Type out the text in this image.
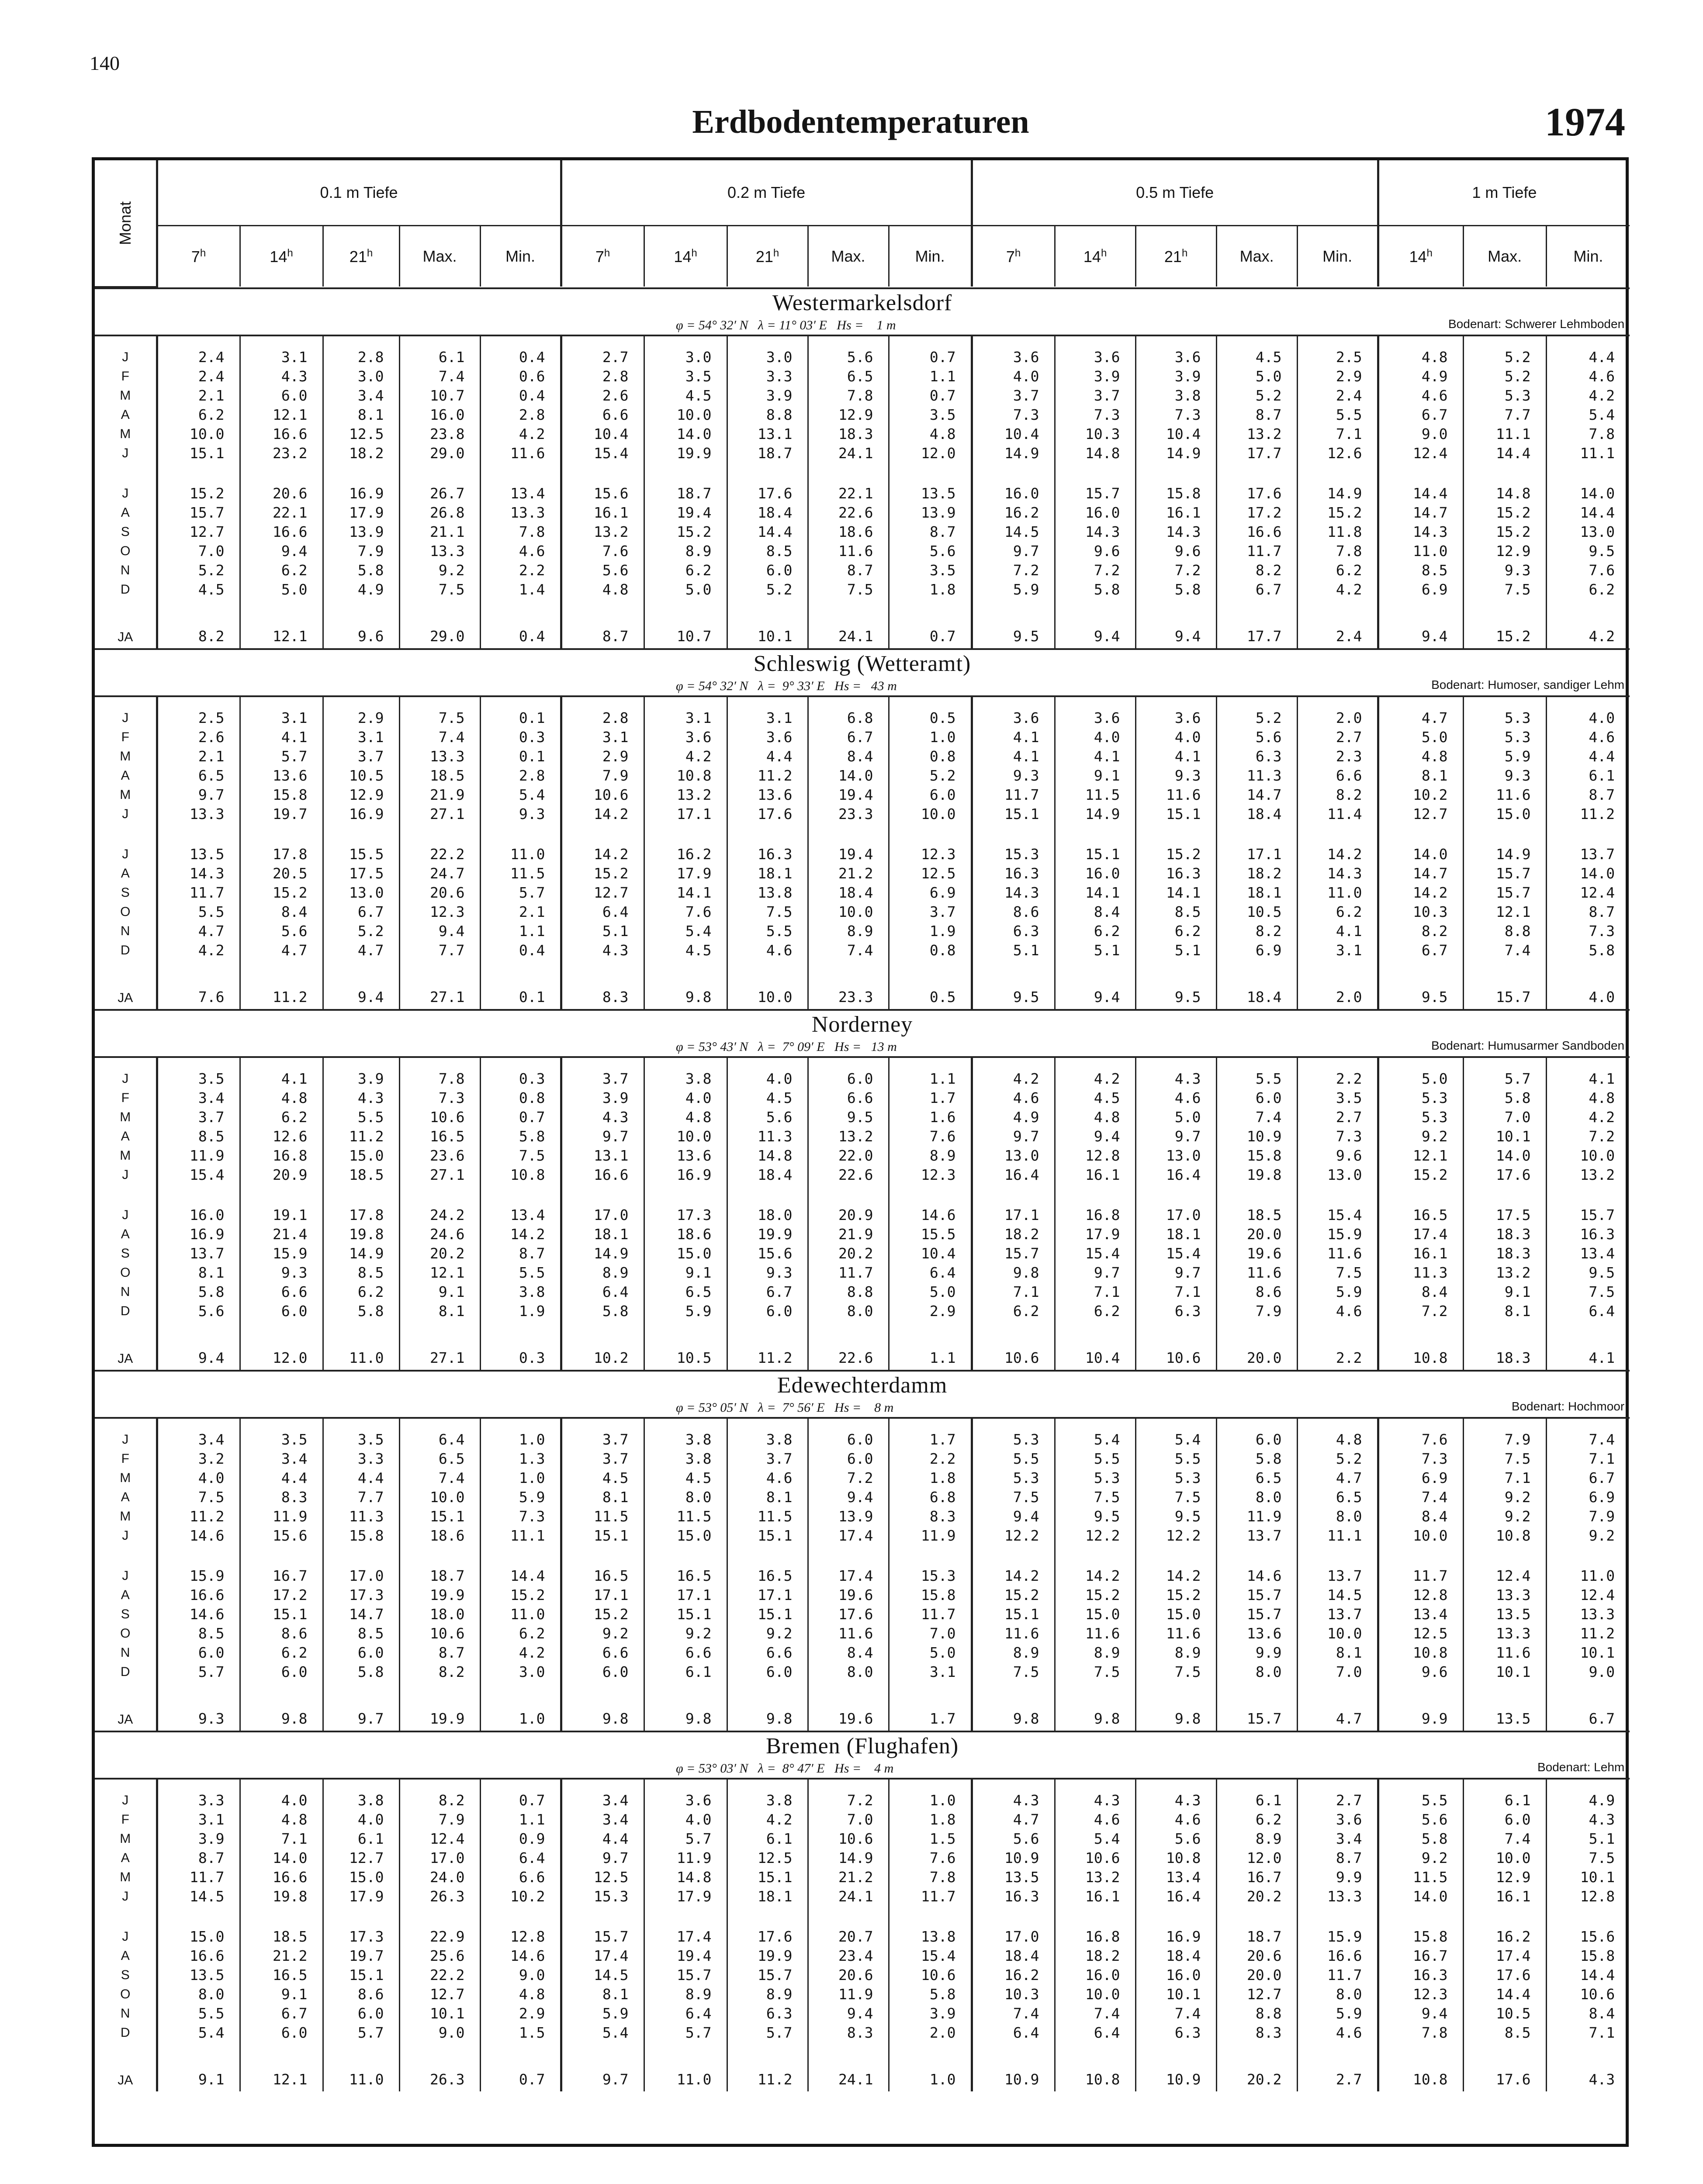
140
Erdbodentemperaturen	1974
Monat	0.1 m Tiefe					0.2 m Tiefe					0.5 m Tiefe					1 m Tiefe		
	7$^h$	14$^h$	21$^h$	Max.	Min.	7$^h$	14$^h$	21$^h$	Max.	Min.	7$^h$	14$^h$	21$^h$	Max.	Min.	14$^h$	Max.	Min.
Westermarkelsdorf																		

φ = 54° 32′ N   λ = 11° 03′ E   Hs =    1 m Bodenart: Schwerer Lehmboden																		

J	2.4	3.1	2.8	6.1	0.4	2.7	3.0	3.0	5.6	0.7	3.6	3.6	3.6	4.5	2.5	4.8	5.2	4.4
F	2.4	4.3	3.0	7.4	0.6	2.8	3.5	3.3	6.5	1.1	4.0	3.9	3.9	5.0	2.9	4.9	5.2	4.6
M	2.1	6.0	3.4	10.7	0.4	2.6	4.5	3.9	7.8	0.7	3.7	3.7	3.8	5.2	2.4	4.6	5.3	4.2
A	6.2	12.1	8.1	16.0	2.8	6.6	10.0	8.8	12.9	3.5	7.3	7.3	7.3	8.7	5.5	6.7	7.7	5.4
M	10.0	16.6	12.5	23.8	4.2	10.4	14.0	13.1	18.3	4.8	10.4	10.3	10.4	13.2	7.1	9.0	11.1	7.8
J	15.1	23.2	18.2	29.0	11.6	15.4	19.9	18.7	24.1	12.0	14.9	14.8	14.9	17.7	12.6	12.4	14.4	11.1

J	15.2	20.6	16.9	26.7	13.4	15.6	18.7	17.6	22.1	13.5	16.0	15.7	15.8	17.6	14.9	14.4	14.8	14.0
A	15.7	22.1	17.9	26.8	13.3	16.1	19.4	18.4	22.6	13.9	16.2	16.0	16.1	17.2	15.2	14.7	15.2	14.4
S	12.7	16.6	13.9	21.1	7.8	13.2	15.2	14.4	18.6	8.7	14.5	14.3	14.3	16.6	11.8	14.3	15.2	13.0
O	7.0	9.4	7.9	13.3	4.6	7.6	8.9	8.5	11.6	5.6	9.7	9.6	9.6	11.7	7.8	11.0	12.9	9.5
N	5.2	6.2	5.8	9.2	2.2	5.6	6.2	6.0	8.7	3.5	7.2	7.2	7.2	8.2	6.2	8.5	9.3	7.6
D	4.5	5.0	4.9	7.5	1.4	4.8	5.0	5.2	7.5	1.8	5.9	5.8	5.8	6.7	4.2	6.9	7.5	6.2
JA	8.2	12.1	9.6	29.0	0.4	8.7	10.7	10.1	24.1	0.7	9.5	9.4	9.4	17.7	2.4	9.4	15.2	4.2
Schleswig (Wetteramt)																		

φ = 54° 32′ N   λ =  9° 33′ E   Hs =   43 m Bodenart: Humoser, sandiger Lehm																		

J	2.5	3.1	2.9	7.5	0.1	2.8	3.1	3.1	6.8	0.5	3.6	3.6	3.6	5.2	2.0	4.7	5.3	4.0
F	2.6	4.1	3.1	7.4	0.3	3.1	3.6	3.6	6.7	1.0	4.1	4.0	4.0	5.6	2.7	5.0	5.3	4.6
M	2.1	5.7	3.7	13.3	0.1	2.9	4.2	4.4	8.4	0.8	4.1	4.1	4.1	6.3	2.3	4.8	5.9	4.4
A	6.5	13.6	10.5	18.5	2.8	7.9	10.8	11.2	14.0	5.2	9.3	9.1	9.3	11.3	6.6	8.1	9.3	6.1
M	9.7	15.8	12.9	21.9	5.4	10.6	13.2	13.6	19.4	6.0	11.7	11.5	11.6	14.7	8.2	10.2	11.6	8.7
J	13.3	19.7	16.9	27.1	9.3	14.2	17.1	17.6	23.3	10.0	15.1	14.9	15.1	18.4	11.4	12.7	15.0	11.2

J	13.5	17.8	15.5	22.2	11.0	14.2	16.2	16.3	19.4	12.3	15.3	15.1	15.2	17.1	14.2	14.0	14.9	13.7
A	14.3	20.5	17.5	24.7	11.5	15.2	17.9	18.1	21.2	12.5	16.3	16.0	16.3	18.2	14.3	14.7	15.7	14.0
S	11.7	15.2	13.0	20.6	5.7	12.7	14.1	13.8	18.4	6.9	14.3	14.1	14.1	18.1	11.0	14.2	15.7	12.4
O	5.5	8.4	6.7	12.3	2.1	6.4	7.6	7.5	10.0	3.7	8.6	8.4	8.5	10.5	6.2	10.3	12.1	8.7
N	4.7	5.6	5.2	9.4	1.1	5.1	5.4	5.5	8.9	1.9	6.3	6.2	6.2	8.2	4.1	8.2	8.8	7.3
D	4.2	4.7	4.7	7.7	0.4	4.3	4.5	4.6	7.4	0.8	5.1	5.1	5.1	6.9	3.1	6.7	7.4	5.8
JA	7.6	11.2	9.4	27.1	0.1	8.3	9.8	10.0	23.3	0.5	9.5	9.4	9.5	18.4	2.0	9.5	15.7	4.0
Norderney																		

φ = 53° 43′ N   λ =  7° 09′ E   Hs =   13 m Bodenart: Humusarmer Sandboden																		

J	3.5	4.1	3.9	7.8	0.3	3.7	3.8	4.0	6.0	1.1	4.2	4.2	4.3	5.5	2.2	5.0	5.7	4.1
F	3.4	4.8	4.3	7.3	0.8	3.9	4.0	4.5	6.6	1.7	4.6	4.5	4.6	6.0	3.5	5.3	5.8	4.8
M	3.7	6.2	5.5	10.6	0.7	4.3	4.8	5.6	9.5	1.6	4.9	4.8	5.0	7.4	2.7	5.3	7.0	4.2
A	8.5	12.6	11.2	16.5	5.8	9.7	10.0	11.3	13.2	7.6	9.7	9.4	9.7	10.9	7.3	9.2	10.1	7.2
M	11.9	16.8	15.0	23.6	7.5	13.1	13.6	14.8	22.0	8.9	13.0	12.8	13.0	15.8	9.6	12.1	14.0	10.0
J	15.4	20.9	18.5	27.1	10.8	16.6	16.9	18.4	22.6	12.3	16.4	16.1	16.4	19.8	13.0	15.2	17.6	13.2

J	16.0	19.1	17.8	24.2	13.4	17.0	17.3	18.0	20.9	14.6	17.1	16.8	17.0	18.5	15.4	16.5	17.5	15.7
A	16.9	21.4	19.8	24.6	14.2	18.1	18.6	19.9	21.9	15.5	18.2	17.9	18.1	20.0	15.9	17.4	18.3	16.3
S	13.7	15.9	14.9	20.2	8.7	14.9	15.0	15.6	20.2	10.4	15.7	15.4	15.4	19.6	11.6	16.1	18.3	13.4
O	8.1	9.3	8.5	12.1	5.5	8.9	9.1	9.3	11.7	6.4	9.8	9.7	9.7	11.6	7.5	11.3	13.2	9.5
N	5.8	6.6	6.2	9.1	3.8	6.4	6.5	6.7	8.8	5.0	7.1	7.1	7.1	8.6	5.9	8.4	9.1	7.5
D	5.6	6.0	5.8	8.1	1.9	5.8	5.9	6.0	8.0	2.9	6.2	6.2	6.3	7.9	4.6	7.2	8.1	6.4
JA	9.4	12.0	11.0	27.1	0.3	10.2	10.5	11.2	22.6	1.1	10.6	10.4	10.6	20.0	2.2	10.8	18.3	4.1
Edewechterdamm																		

φ = 53° 05′ N   λ =  7° 56′ E   Hs =    8 m Bodenart: Hochmoor																		

J	3.4	3.5	3.5	6.4	1.0	3.7	3.8	3.8	6.0	1.7	5.3	5.4	5.4	6.0	4.8	7.6	7.9	7.4
F	3.2	3.4	3.3	6.5	1.3	3.7	3.8	3.7	6.0	2.2	5.5	5.5	5.5	5.8	5.2	7.3	7.5	7.1
M	4.0	4.4	4.4	7.4	1.0	4.5	4.5	4.6	7.2	1.8	5.3	5.3	5.3	6.5	4.7	6.9	7.1	6.7
A	7.5	8.3	7.7	10.0	5.9	8.1	8.0	8.1	9.4	6.8	7.5	7.5	7.5	8.0	6.5	7.4	9.2	6.9
M	11.2	11.9	11.3	15.1	7.3	11.5	11.5	11.5	13.9	8.3	9.4	9.5	9.5	11.9	8.0	8.4	9.2	7.9
J	14.6	15.6	15.8	18.6	11.1	15.1	15.0	15.1	17.4	11.9	12.2	12.2	12.2	13.7	11.1	10.0	10.8	9.2

J	15.9	16.7	17.0	18.7	14.4	16.5	16.5	16.5	17.4	15.3	14.2	14.2	14.2	14.6	13.7	11.7	12.4	11.0
A	16.6	17.2	17.3	19.9	15.2	17.1	17.1	17.1	19.6	15.8	15.2	15.2	15.2	15.7	14.5	12.8	13.3	12.4
S	14.6	15.1	14.7	18.0	11.0	15.2	15.1	15.1	17.6	11.7	15.1	15.0	15.0	15.7	13.7	13.4	13.5	13.3
O	8.5	8.6	8.5	10.6	6.2	9.2	9.2	9.2	11.6	7.0	11.6	11.6	11.6	13.6	10.0	12.5	13.3	11.2
N	6.0	6.2	6.0	8.7	4.2	6.6	6.6	6.6	8.4	5.0	8.9	8.9	8.9	9.9	8.1	10.8	11.6	10.1
D	5.7	6.0	5.8	8.2	3.0	6.0	6.1	6.0	8.0	3.1	7.5	7.5	7.5	8.0	7.0	9.6	10.1	9.0
JA	9.3	9.8	9.7	19.9	1.0	9.8	9.8	9.8	19.6	1.7	9.8	9.8	9.8	15.7	4.7	9.9	13.5	6.7
Bremen (Flughafen)																		

φ = 53° 03′ N   λ =  8° 47′ E   Hs =    4 m Bodenart: Lehm																		

J	3.3	4.0	3.8	8.2	0.7	3.4	3.6	3.8	7.2	1.0	4.3	4.3	4.3	6.1	2.7	5.5	6.1	4.9
F	3.1	4.8	4.0	7.9	1.1	3.4	4.0	4.2	7.0	1.8	4.7	4.6	4.6	6.2	3.6	5.6	6.0	4.3
M	3.9	7.1	6.1	12.4	0.9	4.4	5.7	6.1	10.6	1.5	5.6	5.4	5.6	8.9	3.4	5.8	7.4	5.1
A	8.7	14.0	12.7	17.0	6.4	9.7	11.9	12.5	14.9	7.6	10.9	10.6	10.8	12.0	8.7	9.2	10.0	7.5
M	11.7	16.6	15.0	24.0	6.6	12.5	14.8	15.1	21.2	7.8	13.5	13.2	13.4	16.7	9.9	11.5	12.9	10.1
J	14.5	19.8	17.9	26.3	10.2	15.3	17.9	18.1	24.1	11.7	16.3	16.1	16.4	20.2	13.3	14.0	16.1	12.8

J	15.0	18.5	17.3	22.9	12.8	15.7	17.4	17.6	20.7	13.8	17.0	16.8	16.9	18.7	15.9	15.8	16.2	15.6
A	16.6	21.2	19.7	25.6	14.6	17.4	19.4	19.9	23.4	15.4	18.4	18.2	18.4	20.6	16.6	16.7	17.4	15.8
S	13.5	16.5	15.1	22.2	9.0	14.5	15.7	15.7	20.6	10.6	16.2	16.0	16.0	20.0	11.7	16.3	17.6	14.4
O	8.0	9.1	8.6	12.7	4.8	8.1	8.9	8.9	11.9	5.8	10.3	10.0	10.1	12.7	8.0	12.3	14.4	10.6
N	5.5	6.7	6.0	10.1	2.9	5.9	6.4	6.3	9.4	3.9	7.4	7.4	7.4	8.8	5.9	9.4	10.5	8.4
D	5.4	6.0	5.7	9.0	1.5	5.4	5.7	5.7	8.3	2.0	6.4	6.4	6.3	8.3	4.6	7.8	8.5	7.1
JA	9.1	12.1	11.0	26.3	0.7	9.7	11.0	11.2	24.1	1.0	10.9	10.8	10.9	20.2	2.7	10.8	17.6	4.3
